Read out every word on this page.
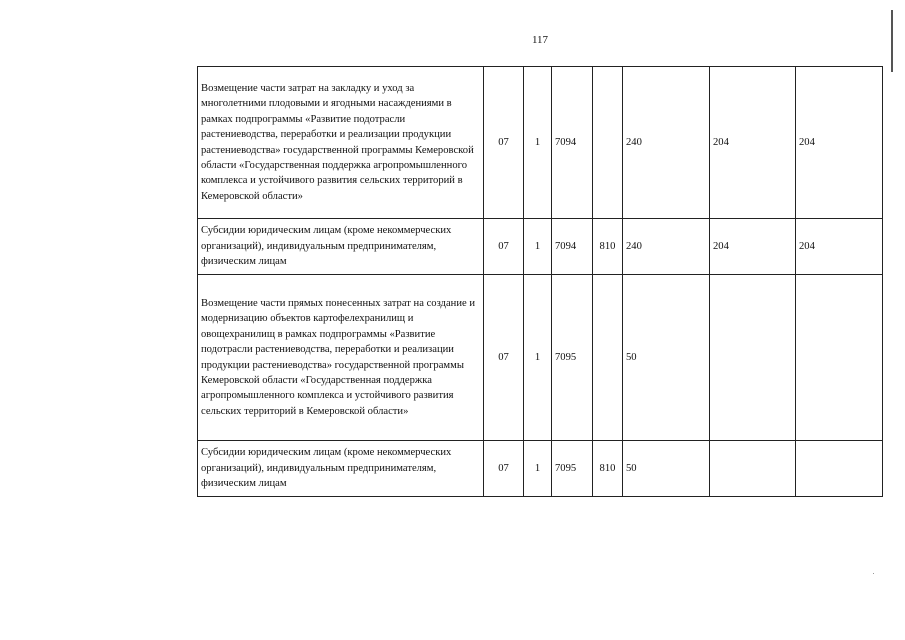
117
Возмещение части затрат на закладку и уход за многолетними плодовыми и ягодными насаждениями в рамках подпрограммы «Развитие подотрасли растениеводства, переработки и реализации продукции растениеводства» государственной программы Кемеровской области «Государственная поддержка агропромышленного комплекса и устойчивого развития сельских территорий в Кемеровской области»	07	1	7094		240	204	204
Субсидии юридическим лицам (кроме некоммерческих организаций), индивидуальным предпринимателям, физическим лицам	07	1	7094	810	240	204	204
Возмещение части прямых понесенных затрат на создание и модернизацию объектов картофелехранилищ и овощехранилищ в рамках подпрограммы «Развитие подотрасли растениеводства, переработки и реализации продукции растениеводства» государственной программы Кемеровской области «Государственная поддержка агропромышленного комплекса и устойчивого развития сельских территорий в Кемеровской области»	07	1	7095		50		
Субсидии юридическим лицам (кроме некоммерческих организаций), индивидуальным предпринимателям, физическим лицам	07	1	7095	810	50		
